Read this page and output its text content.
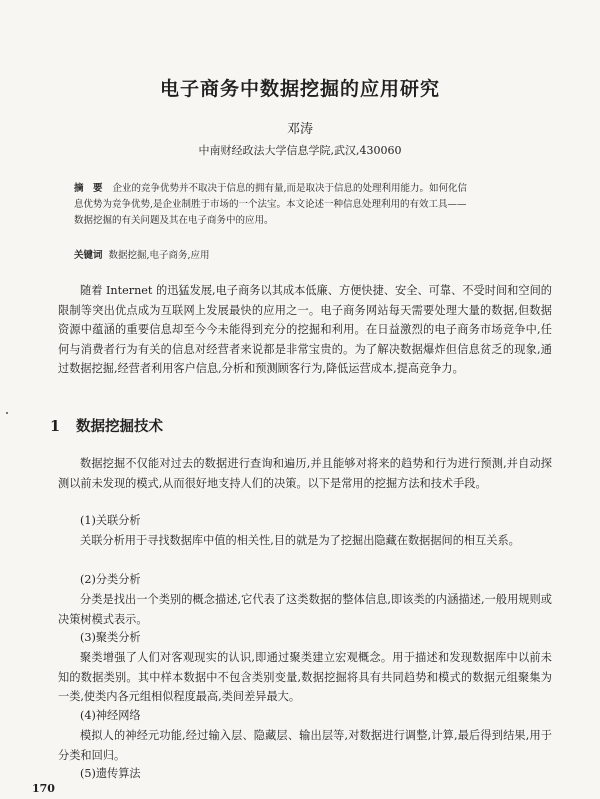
电子商务中数据挖掘的应用研究
邓涛
中南财经政法大学信息学院,武汉,430060

摘　要 企业的竞争优势并不取决于信息的拥有量,而是取决于信息的处理利用能力。如何化信

息优势为竞争优势,是企业制胜于市场的一个法宝。本文论述一种信息处理利用的有效工具——

数据挖掘的有关问题及其在电子商务中的应用。

关键词 数据挖掘,电子商务,应用

随着 Internet 的迅猛发展,电子商务以其成本低廉、方便快捷、安全、可靠、不受时间和空间的限制等突出优点成为互联网上发展最快的应用之一。电子商务网站每天需要处理大量的数据,但数据资源中蕴涵的重要信息却至今今未能得到充分的挖掘和利用。在日益激烈的电子商务市场竞争中,任何与消费者行为有关的信息对经营者来说都是非常宝贵的。为了解决数据爆炸但信息贫乏的现象,通过数据挖掘,经营者利用客户信息,分析和预测顾客行为,降低运营成本,提高竞争力。

1 数据挖掘技术

数据挖掘不仅能对过去的数据进行查询和遍历,并且能够对将来的趋势和行为进行预测,并自动探测以前未发现的模式,从而很好地支持人们的决策。以下是常用的挖掘方法和技术手段。

(1)关联分析

关联分析用于寻找数据库中值的相关性,目的就是为了挖掘出隐藏在数据据间的相互关系。

(2)分类分析

分类是找出一个类别的概念描述,它代表了这类数据的整体信息,即该类的内涵描述,一般用规则或决策树模式表示。

(3)聚类分析

聚类增强了人们对客观现实的认识,即通过聚类建立宏观概念。用于描述和发现数据库中以前未知的数据类别。其中样本数据中不包含类别变量,数据挖掘将具有共同趋势和模式的数据元组聚集为一类,使类内各元组相似程度最高,类间差异最大。

(4)神经网络

模拟人的神经元功能,经过输入层、隐藏层、输出层等,对数据进行调整,计算,最后得到结果,用于分类和回归。

(5)遗传算法

170
